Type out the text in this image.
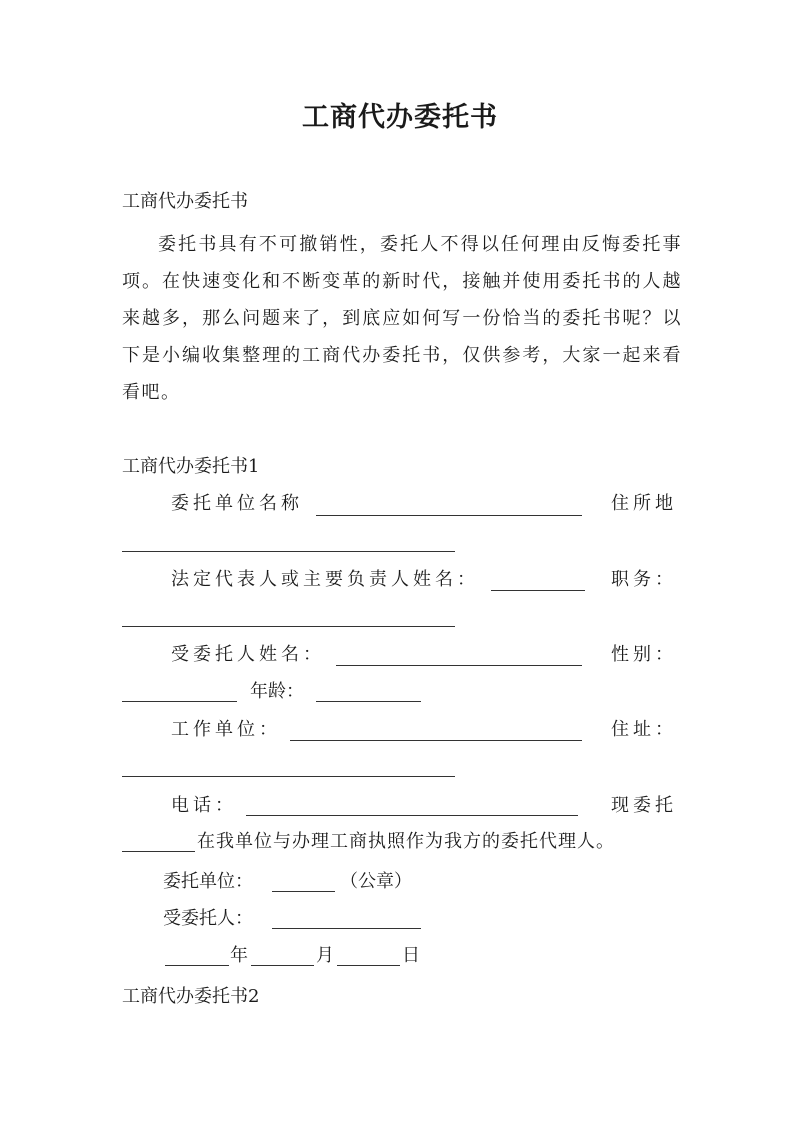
工商代办委托书
工商代办委托书
委托书具有不可撤销性，委托人不得以任何理由反悔委托事项。在快速变化和不断变革的新时代，接触并使用委托书的人越来越多，那么问题来了，到底应如何写一份恰当的委托书呢？以下是小编收集整理的工商代办委托书，仅供参考，大家一起来看看吧。
工商代办委托书1
委托单位名称	住所地
法定代表人或主要负责人姓名：	职务：
受委托人姓名：	性别：
年龄：
工作单位：	住址：
电话：	现委托
在我单位与办理工商执照作为我方的委托代理人。
委托单位：	（公章）
受委托人：
年	月	日
工商代办委托书2
